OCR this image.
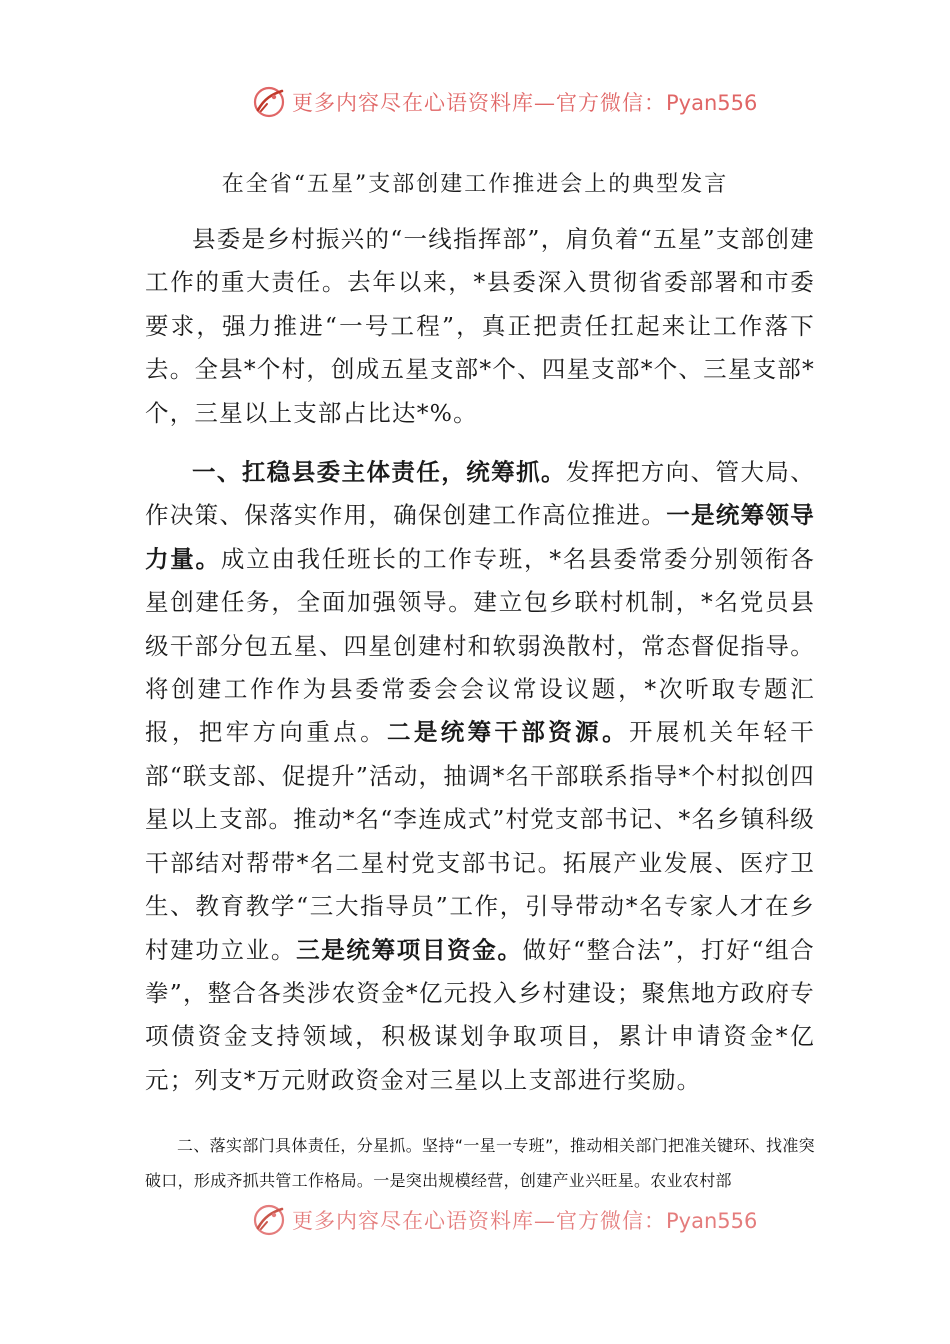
更多内容尽在心语资料库—官方微信：Pyan556
在全省“五星”支部创建工作推进会上的典型发言

县委是乡村振兴的“一线指挥部”，肩负着“五星”支部创建工作的重大责任。去年以来，*县委深入贯彻省委部署和市委要求，强力推进“一号工程”，真正把责任扛起来让工作落下去。全县*个村，创成五星支部*个、四星支部*个、三星支部*个，三星以上支部占比达*%。

一、扛稳县委主体责任，统筹抓。发挥把方向、管大局、作决策、保落实作用，确保创建工作高位推进。一是统筹领导力量。成立由我任班长的工作专班，*名县委常委分别领衔各星创建任务，全面加强领导。建立包乡联村机制，*名党员县级干部分包五星、四星创建村和软弱涣散村，常态督促指导。将创建工作作为县委常委会会议常设议题，*次听取专题汇报，把牢方向重点。二是统筹干部资源。开展机关年轻干部“联支部、促提升”活动，抽调*名干部联系指导*个村拟创四星以上支部。推动*名“李连成式”村党支部书记、*名乡镇科级干部结对帮带*名二星村党支部书记。拓展产业发展、医疗卫生、教育教学“三大指导员”工作，引导带动*名专家人才在乡村建功立业。三是统筹项目资金。做好“整合法”，打好“组合拳”，整合各类涉农资金*亿元投入乡村建设；聚焦地方政府专项债资金支持领域，积极谋划争取项目，累计申请资金*亿元；列支*万元财政资金对三星以上支部进行奖励。

二、落实部门具体责任，分星抓。坚持“一星一专班”，推动相关部门把准关键环、找准突破口，形成齐抓共管工作格局。一是突出规模经营，创建产业兴旺星。农业农村部
更多内容尽在心语资料库—官方微信：Pyan556
